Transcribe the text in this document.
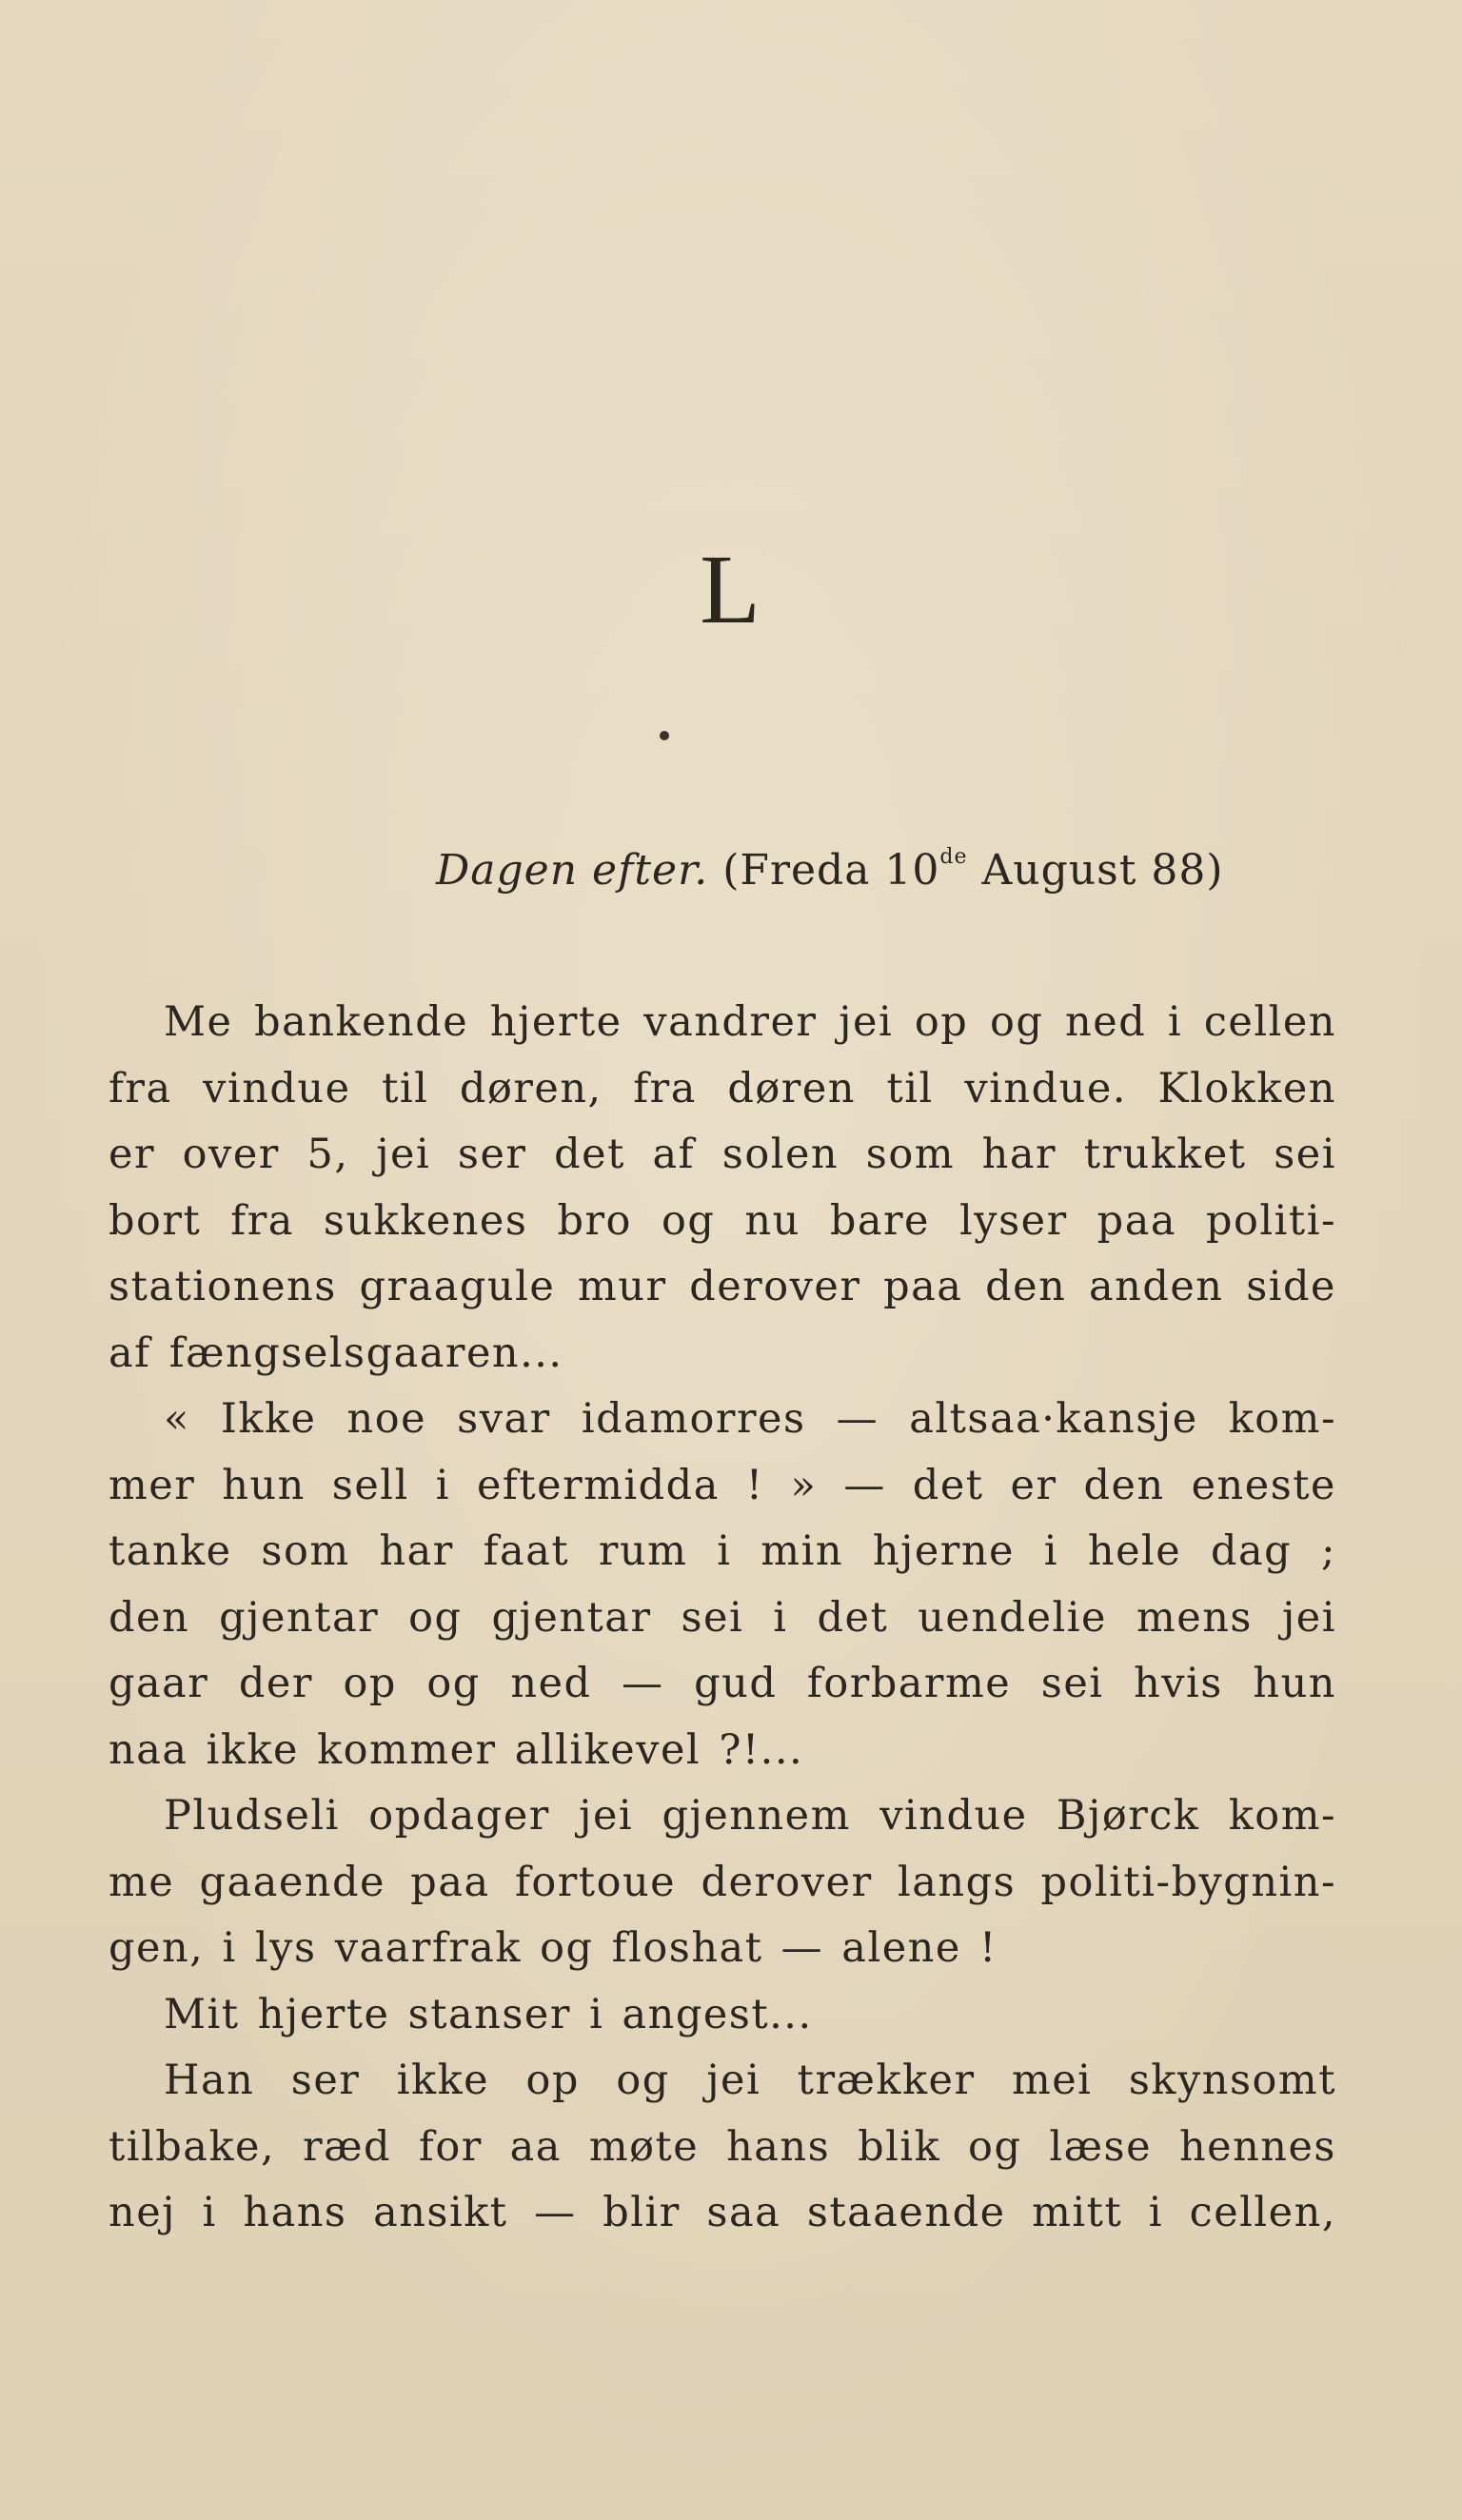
L
Dagen efter. (Freda 10de August 88)
Me bankende hjerte vandrer jei op og ned i cellen
fra vindue til døren, fra døren til vindue. Klokken
er over 5, jei ser det af solen som har trukket sei
bort fra sukkenes bro og nu bare lyser paa politi-
stationens graagule mur derover paa den anden side
af fængselsgaaren...
« Ikke noe svar idamorres — altsaa·kansje kom-
mer hun sell i eftermidda ! » — det er den eneste
tanke som har faat rum i min hjerne i hele dag ;
den gjentar og gjentar sei i det uendelie mens jei
gaar der op og ned — gud forbarme sei hvis hun
naa ikke kommer allikevel ?!...
Pludseli opdager jei gjennem vindue Bjørck kom-
me gaaende paa fortoue derover langs politi-bygnin-
gen, i lys vaarfrak og floshat — alene !
Mit hjerte stanser i angest...
Han ser ikke op og jei trækker mei skynsomt
tilbake, ræd for aa møte hans blik og læse hennes
nej i hans ansikt — blir saa staaende mitt i cellen,
